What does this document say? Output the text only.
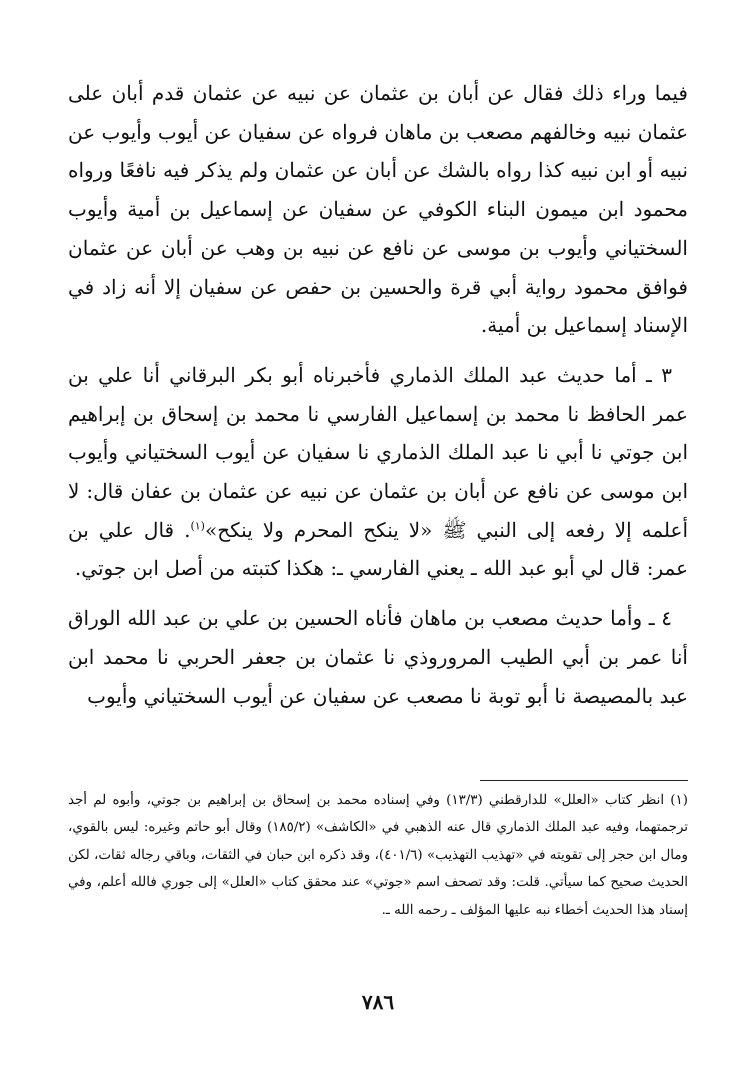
فيما وراء ذلك فقال عن أبان بن عثمان عن نبيه عن عثمان قدم أبان على عثمان نبيه وخالفهم مصعب بن ماهان فرواه عن سفيان عن أيوب وأيوب عن نبيه أو ابن نبيه كذا رواه بالشك عن أبان عن عثمان ولم يذكر فيه نافعًا ورواه محمود ابن ميمون البناء الكوفي عن سفيان عن إسماعيل بن أمية وأيوب السختياني وأيوب بن موسى عن نافع عن نبيه بن وهب عن أبان عن عثمان فوافق محمود رواية أبي قرة والحسين بن حفص عن سفيان إلا أنه زاد في الإسناد إسماعيل بن أمية.

٣ ـ أما حديث عبد الملك الذماري فأخبرناه أبو بكر البرقاني أنا علي بن عمر الحافظ نا محمد بن إسماعيل الفارسي نا محمد بن إسحاق بن إبراهيم ابن جوتي نا أبي نا عبد الملك الذماري نا سفيان عن أيوب السختياني وأيوب ابن موسى عن نافع عن أبان بن عثمان عن نبيه عن عثمان بن عفان قال: لا أعلمه إلا رفعه إلى النبي ﷺ «لا ينكح المحرم ولا ينكح»$^{(١)}$. قال علي بن عمر: قال لي أبو عبد الله ـ يعني الفارسي ـ: هكذا كتبته من أصل ابن جوتي.

٤ ـ وأما حديث مصعب بن ماهان فأناه الحسين بن علي بن عبد الله الوراق أنا عمر بن أبي الطيب المروروذي نا عثمان بن جعفر الحربي نا محمد ابن عبد بالمصيصة نا أبو توبة نا مصعب عن سفيان عن أيوب السختياني وأيوب

(١) انظر كتاب «العلل» للدارقطني (١٣/٣) وفي إسناده محمد بن إسحاق بن إبراهيم بن جوتي، وأبوه لم أجد ترجمتهما، وفيه عبد الملك الذماري قال عنه الذهبي في «الكاشف» (١٨٥/٢) وقال أبو حاتم وغيره: ليس بالقوي، ومال ابن حجر إلى تقويته في «تهذيب التهذيب» (٤٠١/٦)، وقد ذكره ابن حبان في الثقات، وباقي رجاله ثقات، لكن الحديث صحيح كما سيأتي. قلت: وقد تصحف اسم «جوتي» عند محقق كتاب «العلل» إلى جوري فالله أعلم، وفي إسناد هذا الحديث أخطاء نبه عليها المؤلف ـ رحمه الله ـ.

٧٨٦
